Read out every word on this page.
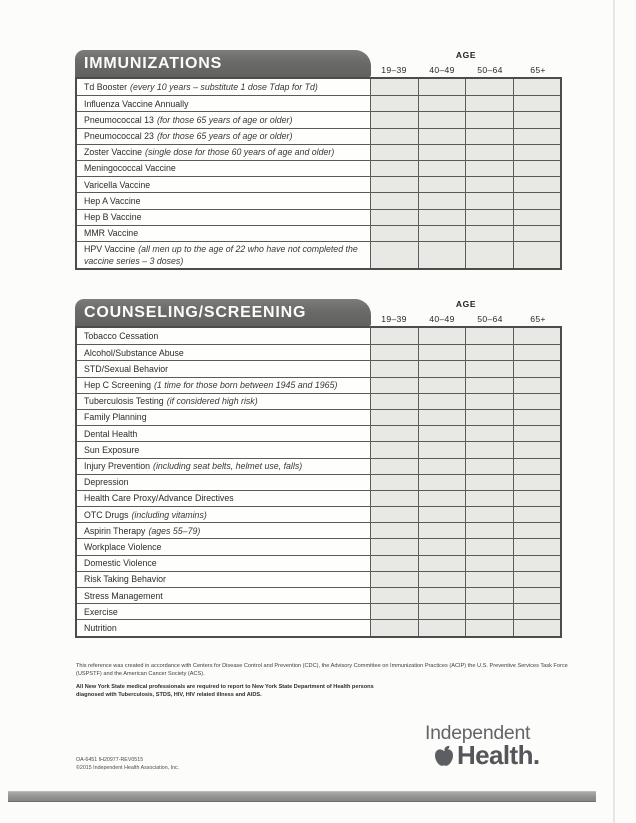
IMMUNIZATIONS	AGE
19–39	40–49	50–64	65+
Td Booster (every 10 years – substitute 1 dose Tdap for Td)
Influenza Vaccine Annually
Pneumococcal 13 (for those 65 years of age or older)
Pneumococcal 23 (for those 65 years of age or older)
Zoster Vaccine (single dose for those 60 years of age and older)
Meningococcal Vaccine
Varicella Vaccine
Hep A Vaccine
Hep B Vaccine
MMR Vaccine
HPV Vaccine (all men up to the age of 22 who have not completed the vaccine series – 3 doses)
COUNSELING/SCREENING	AGE
19–39	40–49	50–64	65+
Tobacco Cessation
Alcohol/Substance Abuse
STD/Sexual Behavior
Hep C Screening (1 time for those born between 1945 and 1965)
Tuberculosis Testing (if considered high risk)
Family Planning
Dental Health
Sun Exposure
Injury Prevention (including seat belts, helmet use, falls)
Depression
Health Care Proxy/Advance Directives
OTC Drugs (including vitamins)
Aspirin Therapy (ages 55–79)
Workplace Violence
Domestic Violence
Risk Taking Behavior
Stress Management
Exercise
Nutrition

This reference was created in accordance with Centers for Disease Control and Prevention (CDC), the Advisory Committee on Immunization Practices (ACIP) the U.S. Preventive Services Task Force (USPSTF) and the American Cancer Society (ACS).

All New York State medical professionals are required to report to New York State Department of Health persons diagnosed with Tuberculosis, STDS, HIV, HIV related illness and AIDS.

Independent
Health.
OA-6451 IH20977-REV0515
©2015 Independent Health Association, Inc.
